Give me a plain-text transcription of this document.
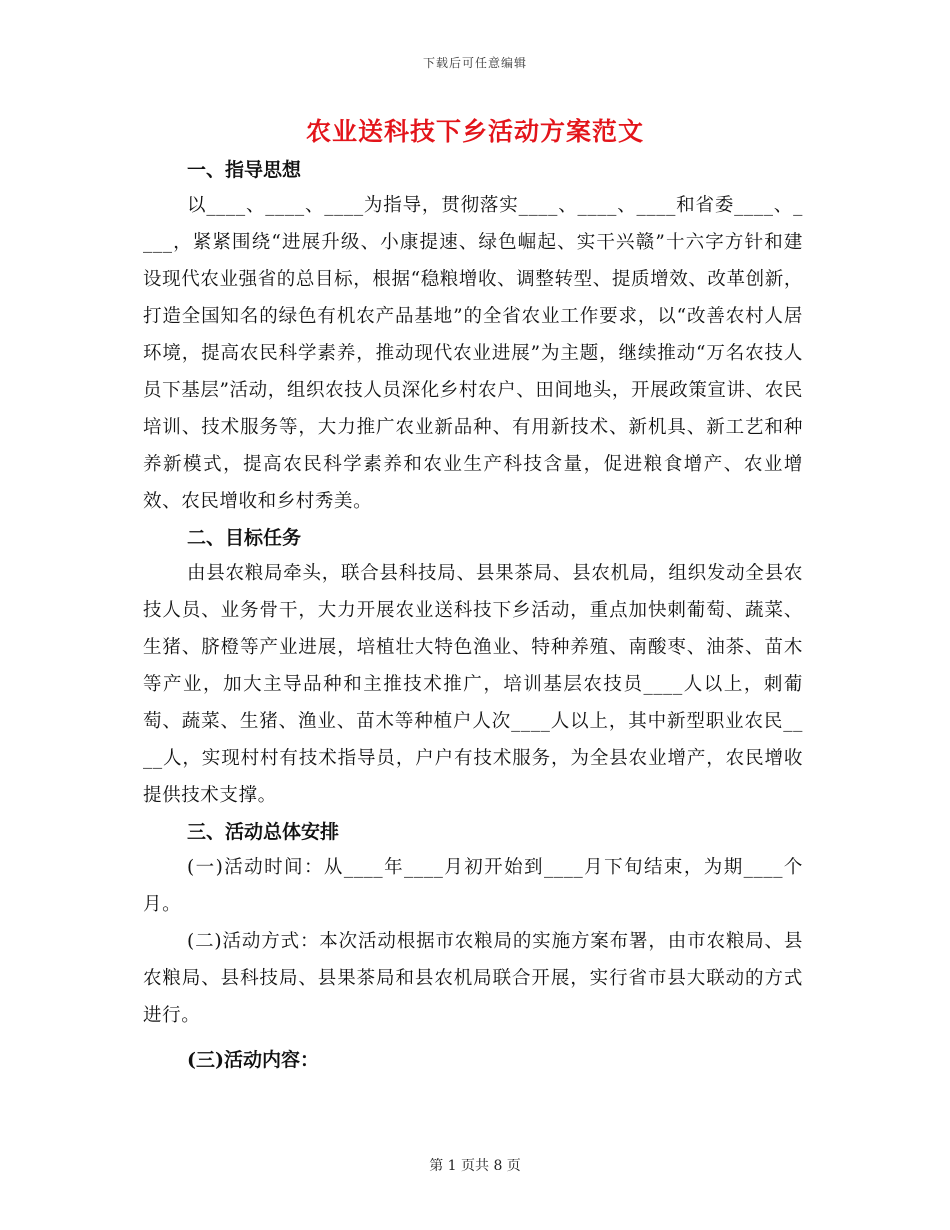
下载后可任意编辑
农业送科技下乡活动方案范文
一、指导思想

以____、____、____为指导，贯彻落实____、____、____和省委____、____，紧紧围绕“进展升级、小康提速、绿色崛起、实干兴赣”十六字方针和建设现代农业强省的总目标，根据“稳粮增收、调整转型、提质增效、改革创新，打造全国知名的绿色有机农产品基地”的全省农业工作要求，以“改善农村人居环境，提高农民科学素养，推动现代农业进展”为主题，继续推动“万名农技人员下基层”活动，组织农技人员深化乡村农户、田间地头，开展政策宣讲、农民培训、技术服务等，大力推广农业新品种、有用新技术、新机具、新工艺和种养新模式，提高农民科学素养和农业生产科技含量，促进粮食增产、农业增效、农民增收和乡村秀美。

二、目标任务

由县农粮局牵头，联合县科技局、县果茶局、县农机局，组织发动全县农技人员、业务骨干，大力开展农业送科技下乡活动，重点加快刺葡萄、蔬菜、生猪、脐橙等产业进展，培植壮大特色渔业、特种养殖、南酸枣、油茶、苗木等产业，加大主导品种和主推技术推广，培训基层农技员____人以上，刺葡萄、蔬菜、生猪、渔业、苗木等种植户人次____人以上，其中新型职业农民____人，实现村村有技术指导员，户户有技术服务，为全县农业增产，农民增收提供技术支撑。

三、活动总体安排

(一)活动时间：从____年____月初开始到____月下旬结束，为期____个月。

(二)活动方式：本次活动根据市农粮局的实施方案布署，由市农粮局、县农粮局、县科技局、县果茶局和县农机局联合开展，实行省市县大联动的方式进行。

(三)活动内容：
第 1 页共 8 页
